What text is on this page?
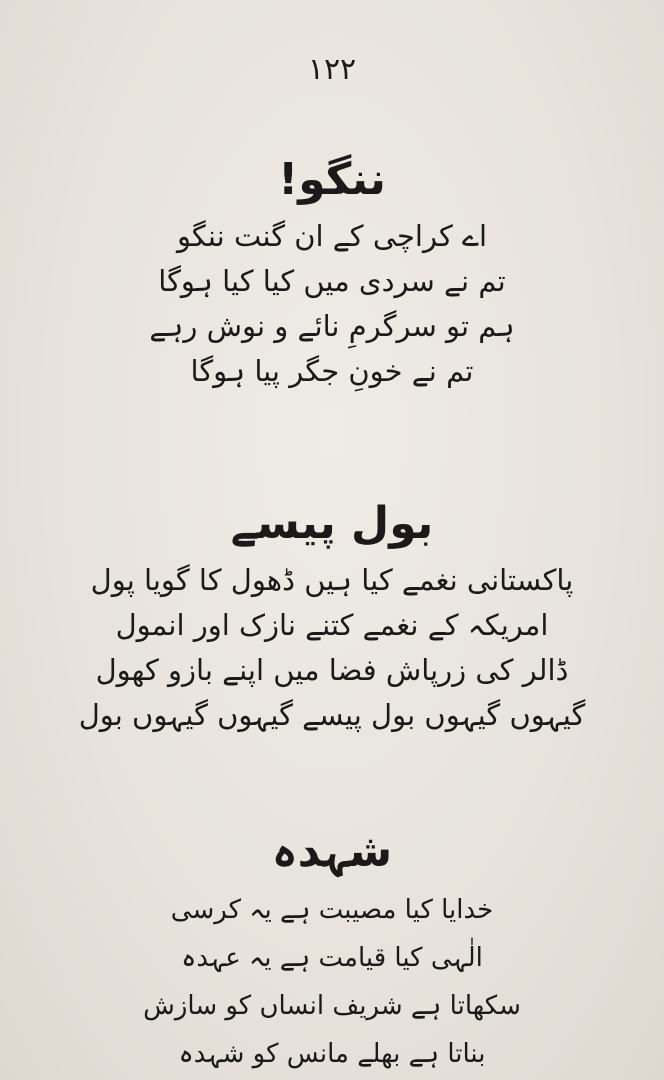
۱۲۲
ننگو!
اے کراچی کے ان گنت ننگو
تم نے سردی میں کیا کیا ہوگا
ہم تو سرگرمِ نائے و نوش رہے
تم نے خونِ جگر پیا ہوگا
بول پیسے
پاکستانی نغمے کیا ہیں ڈھول کا گویا پول
امریکہ کے نغمے کتنے نازک اور انمول
ڈالر کی زرپاش فضا میں اپنے بازو کھول
گیہوں گیہوں بول پیسے گیہوں گیہوں بول
شہدہ
خدایا کیا مصیبت ہے یہ کرسی
الٰہی کیا قیامت ہے یہ عہدہ
سکھاتا ہے شریف انساں کو سازش
بناتا ہے بھلے مانس کو شہدہ
